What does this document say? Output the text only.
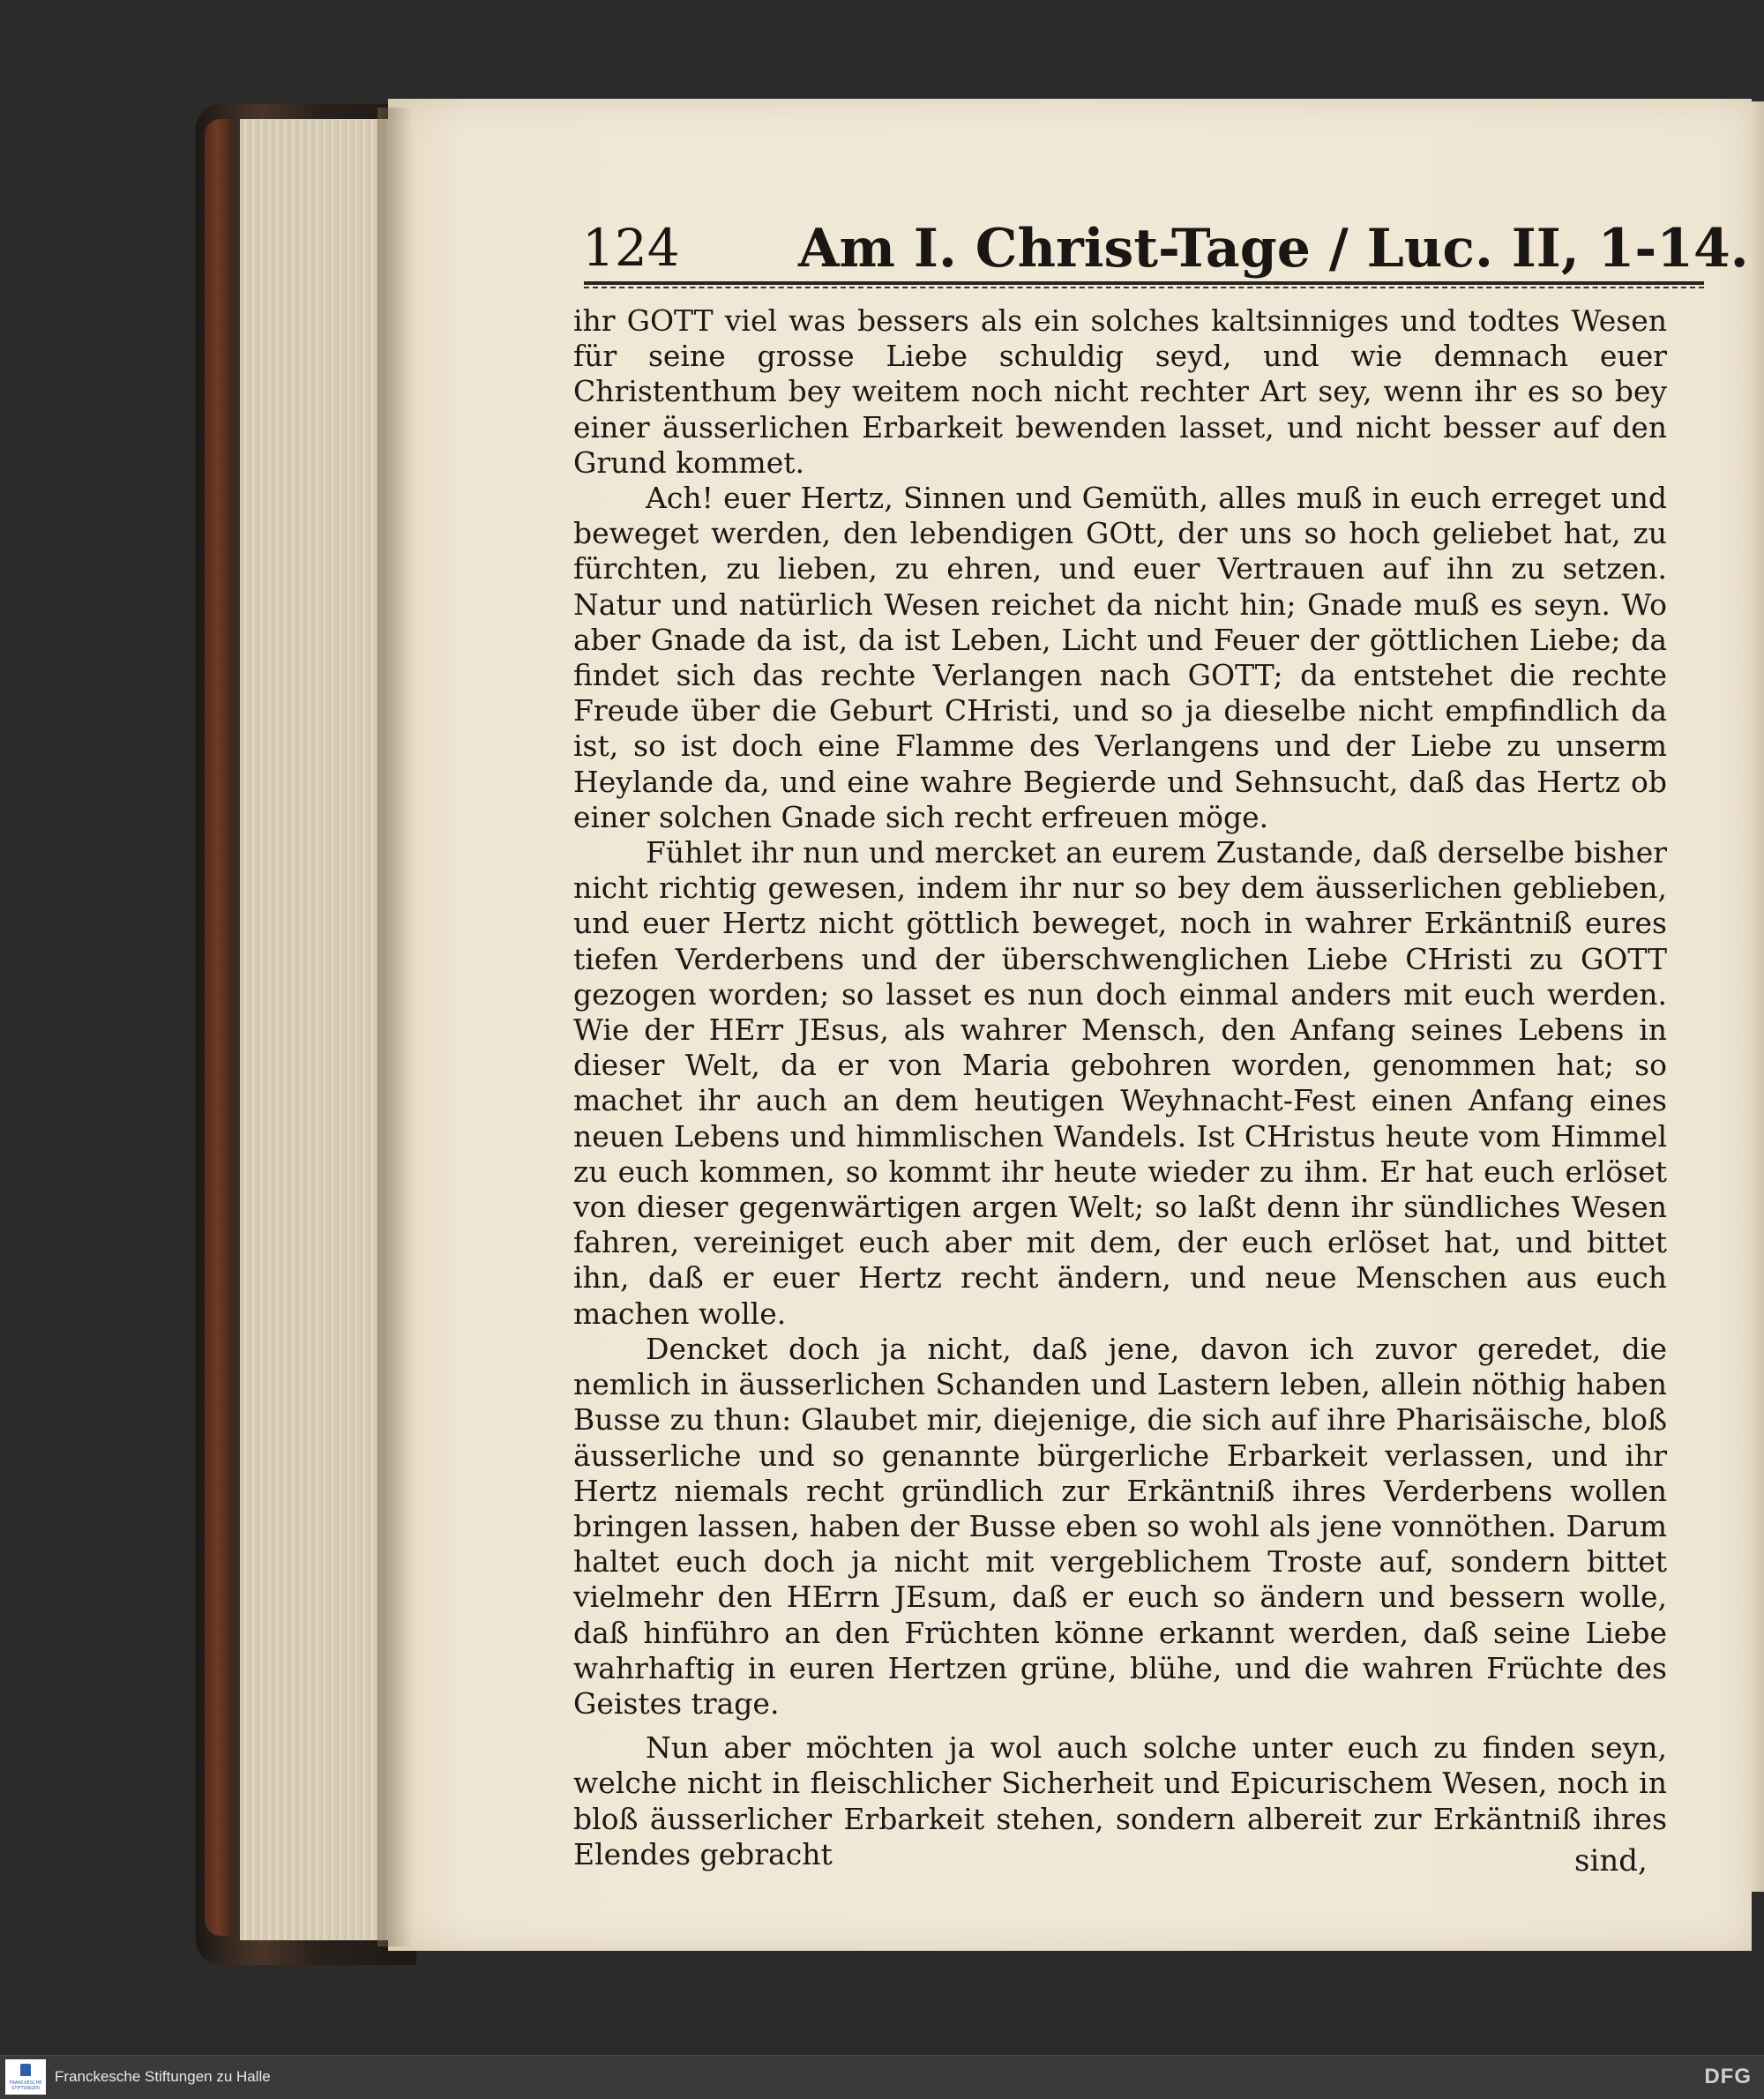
124 Am I. Christ-Tage / Luc. II, 1-14.

ihr GOTT viel was bessers als ein solches kaltsinniges und todtes Wesen für seine grosse Liebe schuldig seyd, und wie demnach euer Christenthum bey weitem noch nicht rechter Art sey, wenn ihr es so bey einer äusserlichen Erbarkeit bewenden lasset, und nicht besser auf den Grund kommet.

Ach! euer Hertz, Sinnen und Gemüth, alles muß in euch erreget und beweget werden, den lebendigen GOtt, der uns so hoch geliebet hat, zu fürchten, zu lieben, zu ehren, und euer Vertrauen auf ihn zu setzen. Natur und natürlich Wesen reichet da nicht hin; Gnade muß es seyn. Wo aber Gnade da ist, da ist Leben, Licht und Feuer der göttlichen Liebe; da findet sich das rechte Verlangen nach GOTT; da entstehet die rechte Freude über die Geburt CHristi, und so ja dieselbe nicht empfindlich da ist, so ist doch eine Flamme des Verlangens und der Liebe zu unserm Heylande da, und eine wahre Begierde und Sehnsucht, daß das Hertz ob einer solchen Gnade sich recht erfreuen möge.

Fühlet ihr nun und mercket an eurem Zustande, daß derselbe bisher nicht richtig gewesen, indem ihr nur so bey dem äusserlichen geblieben, und euer Hertz nicht göttlich beweget, noch in wahrer Erkäntniß eures tiefen Verderbens und der überschwenglichen Liebe CHristi zu GOTT gezogen worden; so lasset es nun doch einmal anders mit euch werden. Wie der HErr JEsus, als wahrer Mensch, den Anfang seines Lebens in dieser Welt, da er von Maria gebohren worden, genommen hat; so machet ihr auch an dem heutigen Weyhnacht-Fest einen Anfang eines neuen Lebens und himmlischen Wandels. Ist CHristus heute vom Himmel zu euch kommen, so kommt ihr heute wieder zu ihm. Er hat euch erlöset von dieser gegenwärtigen argen Welt; so laßt denn ihr sündliches Wesen fahren, vereiniget euch aber mit dem, der euch erlöset hat, und bittet ihn, daß er euer Hertz recht ändern, und neue Menschen aus euch machen wolle.

Dencket doch ja nicht, daß jene, davon ich zuvor geredet, die nemlich in äusserlichen Schanden und Lastern leben, allein nöthig haben Busse zu thun: Glaubet mir, diejenige, die sich auf ihre Pharisäische, bloß äusserliche und so genannte bürgerliche Erbarkeit verlassen, und ihr Hertz niemals recht gründlich zur Erkäntniß ihres Verderbens wollen bringen lassen, haben der Busse eben so wohl als jene vonnöthen. Darum haltet euch doch ja nicht mit vergeblichem Troste auf, sondern bittet vielmehr den HErrn JEsum, daß er euch so ändern und bessern wolle, daß hinführo an den Früchten könne erkannt werden, daß seine Liebe wahrhaftig in euren Hertzen grüne, blühe, und die wahren Früchte des Geistes trage.

Nun aber möchten ja wol auch solche unter euch zu finden seyn, welche nicht in fleischlicher Sicherheit und Epicurischem Wesen, noch in bloß äusserlicher Erbarkeit stehen, sondern albereit zur Erkäntniß ihres Elendes gebracht	sind,
FRANCKESCHE STIFTUNGEN
Franckesche Stiftungen zu Halle	DFG
